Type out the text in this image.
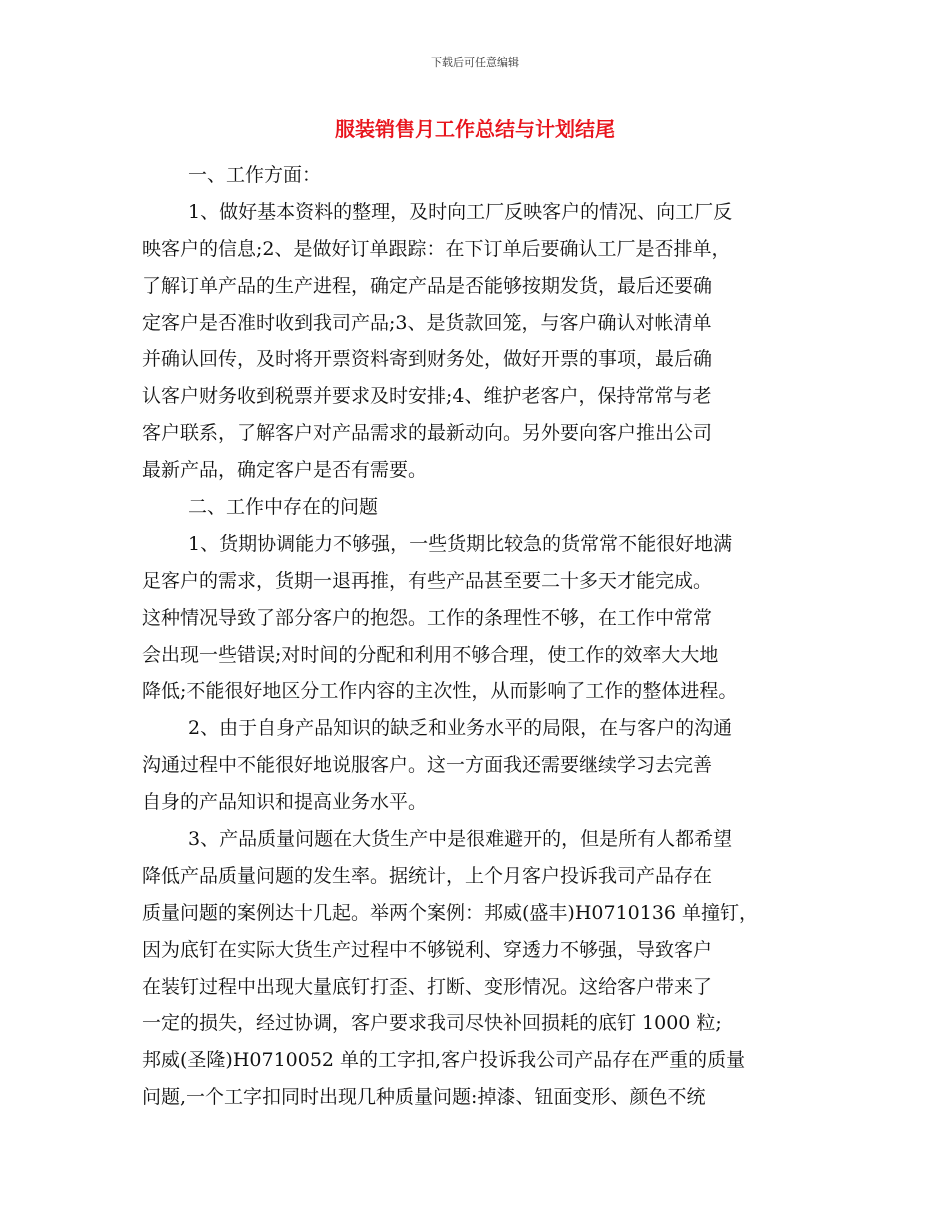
下载后可任意编辑
服装销售月工作总结与计划结尾
一、工作方面：
1、做好基本资料的整理，及时向工厂反映客户的情况、向工厂反
映客户的信息;2、是做好订单跟踪：在下订单后要确认工厂是否排单，
了解订单产品的生产进程，确定产品是否能够按期发货，最后还要确
定客户是否准时收到我司产品;3、是货款回笼，与客户确认对帐清单
并确认回传，及时将开票资料寄到财务处，做好开票的事项，最后确
认客户财务收到税票并要求及时安排;4、维护老客户，保持常常与老
客户联系，了解客户对产品需求的最新动向。另外要向客户推出公司
最新产品，确定客户是否有需要。
二、工作中存在的问题
1、货期协调能力不够强，一些货期比较急的货常常不能很好地满
足客户的需求，货期一退再推，有些产品甚至要二十多天才能完成。
这种情况导致了部分客户的抱怨。工作的条理性不够，在工作中常常
会出现一些错误;对时间的分配和利用不够合理，使工作的效率大大地
降低;不能很好地区分工作内容的主次性，从而影响了工作的整体进程。
2、由于自身产品知识的缺乏和业务水平的局限，在与客户的沟通
沟通过程中不能很好地说服客户。这一方面我还需要继续学习去完善
自身的产品知识和提高业务水平。
3、产品质量问题在大货生产中是很难避开的，但是所有人都希望
降低产品质量问题的发生率。据统计，上个月客户投诉我司产品存在
质量问题的案例达十几起。举两个案例：邦威(盛丰)H0710136 单撞钉，
因为底钉在实际大货生产过程中不够锐利、穿透力不够强，导致客户
在装钉过程中出现大量底钉打歪、打断、变形情况。这给客户带来了
一定的损失，经过协调，客户要求我司尽快补回损耗的底钉 1000 粒;
邦威(圣隆)H0710052 单的工字扣,客户投诉我公司产品存在严重的质量
问题,一个工字扣同时出现几种质量问题:掉漆、钮面变形、颜色不统
